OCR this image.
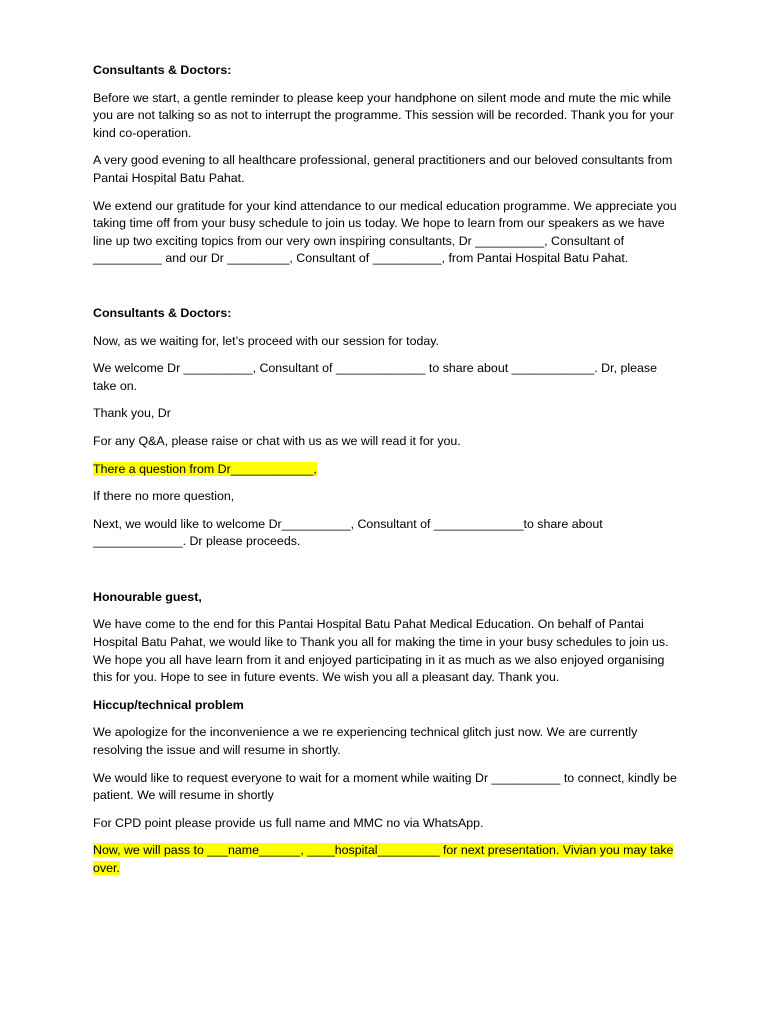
Consultants & Doctors:
Before we start, a gentle reminder to please keep your handphone on silent mode and mute the mic while you are not talking so as not to interrupt the programme. This session will be recorded. Thank you for your kind co-operation.
A very good evening to all healthcare professional, general practitioners and our beloved consultants from Pantai Hospital Batu Pahat.
We extend our gratitude for your kind attendance to our medical education programme. We appreciate you taking time off from your busy schedule to join us today. We hope to learn from our speakers as we have line up two exciting topics from our very own inspiring consultants, Dr __________, Consultant of __________ and our Dr _________, Consultant of __________, from Pantai Hospital Batu Pahat.
Consultants & Doctors:
Now, as we waiting for, let’s proceed with our session for today.
We welcome Dr __________, Consultant of _____________ to share about ____________. Dr, please take on.
Thank you, Dr
For any Q&A, please raise or chat with us as we will read it for you.
There a question from Dr____________,
If there no more question,
Next, we would like to welcome Dr__________, Consultant of _____________to share about _____________. Dr please proceeds.
Honourable guest,
We have come to the end for this Pantai Hospital Batu Pahat Medical Education. On behalf of Pantai Hospital Batu Pahat, we would like to Thank you all for making the time in your busy schedules to join us. We hope you all have learn from it and enjoyed participating in it as much as we also enjoyed organising this for you. Hope to see in future events. We wish you all a pleasant day. Thank you.
Hiccup/technical problem
We apologize for the inconvenience a we re experiencing technical glitch just now. We are currently resolving the issue and will resume in shortly.
We would like to request everyone to wait for a moment while waiting Dr __________ to connect, kindly be patient. We will resume in shortly
For CPD point please provide us full name and MMC no via WhatsApp.
Now, we will pass to ___name______, ____hospital_________ for next presentation. Vivian you may take over.
